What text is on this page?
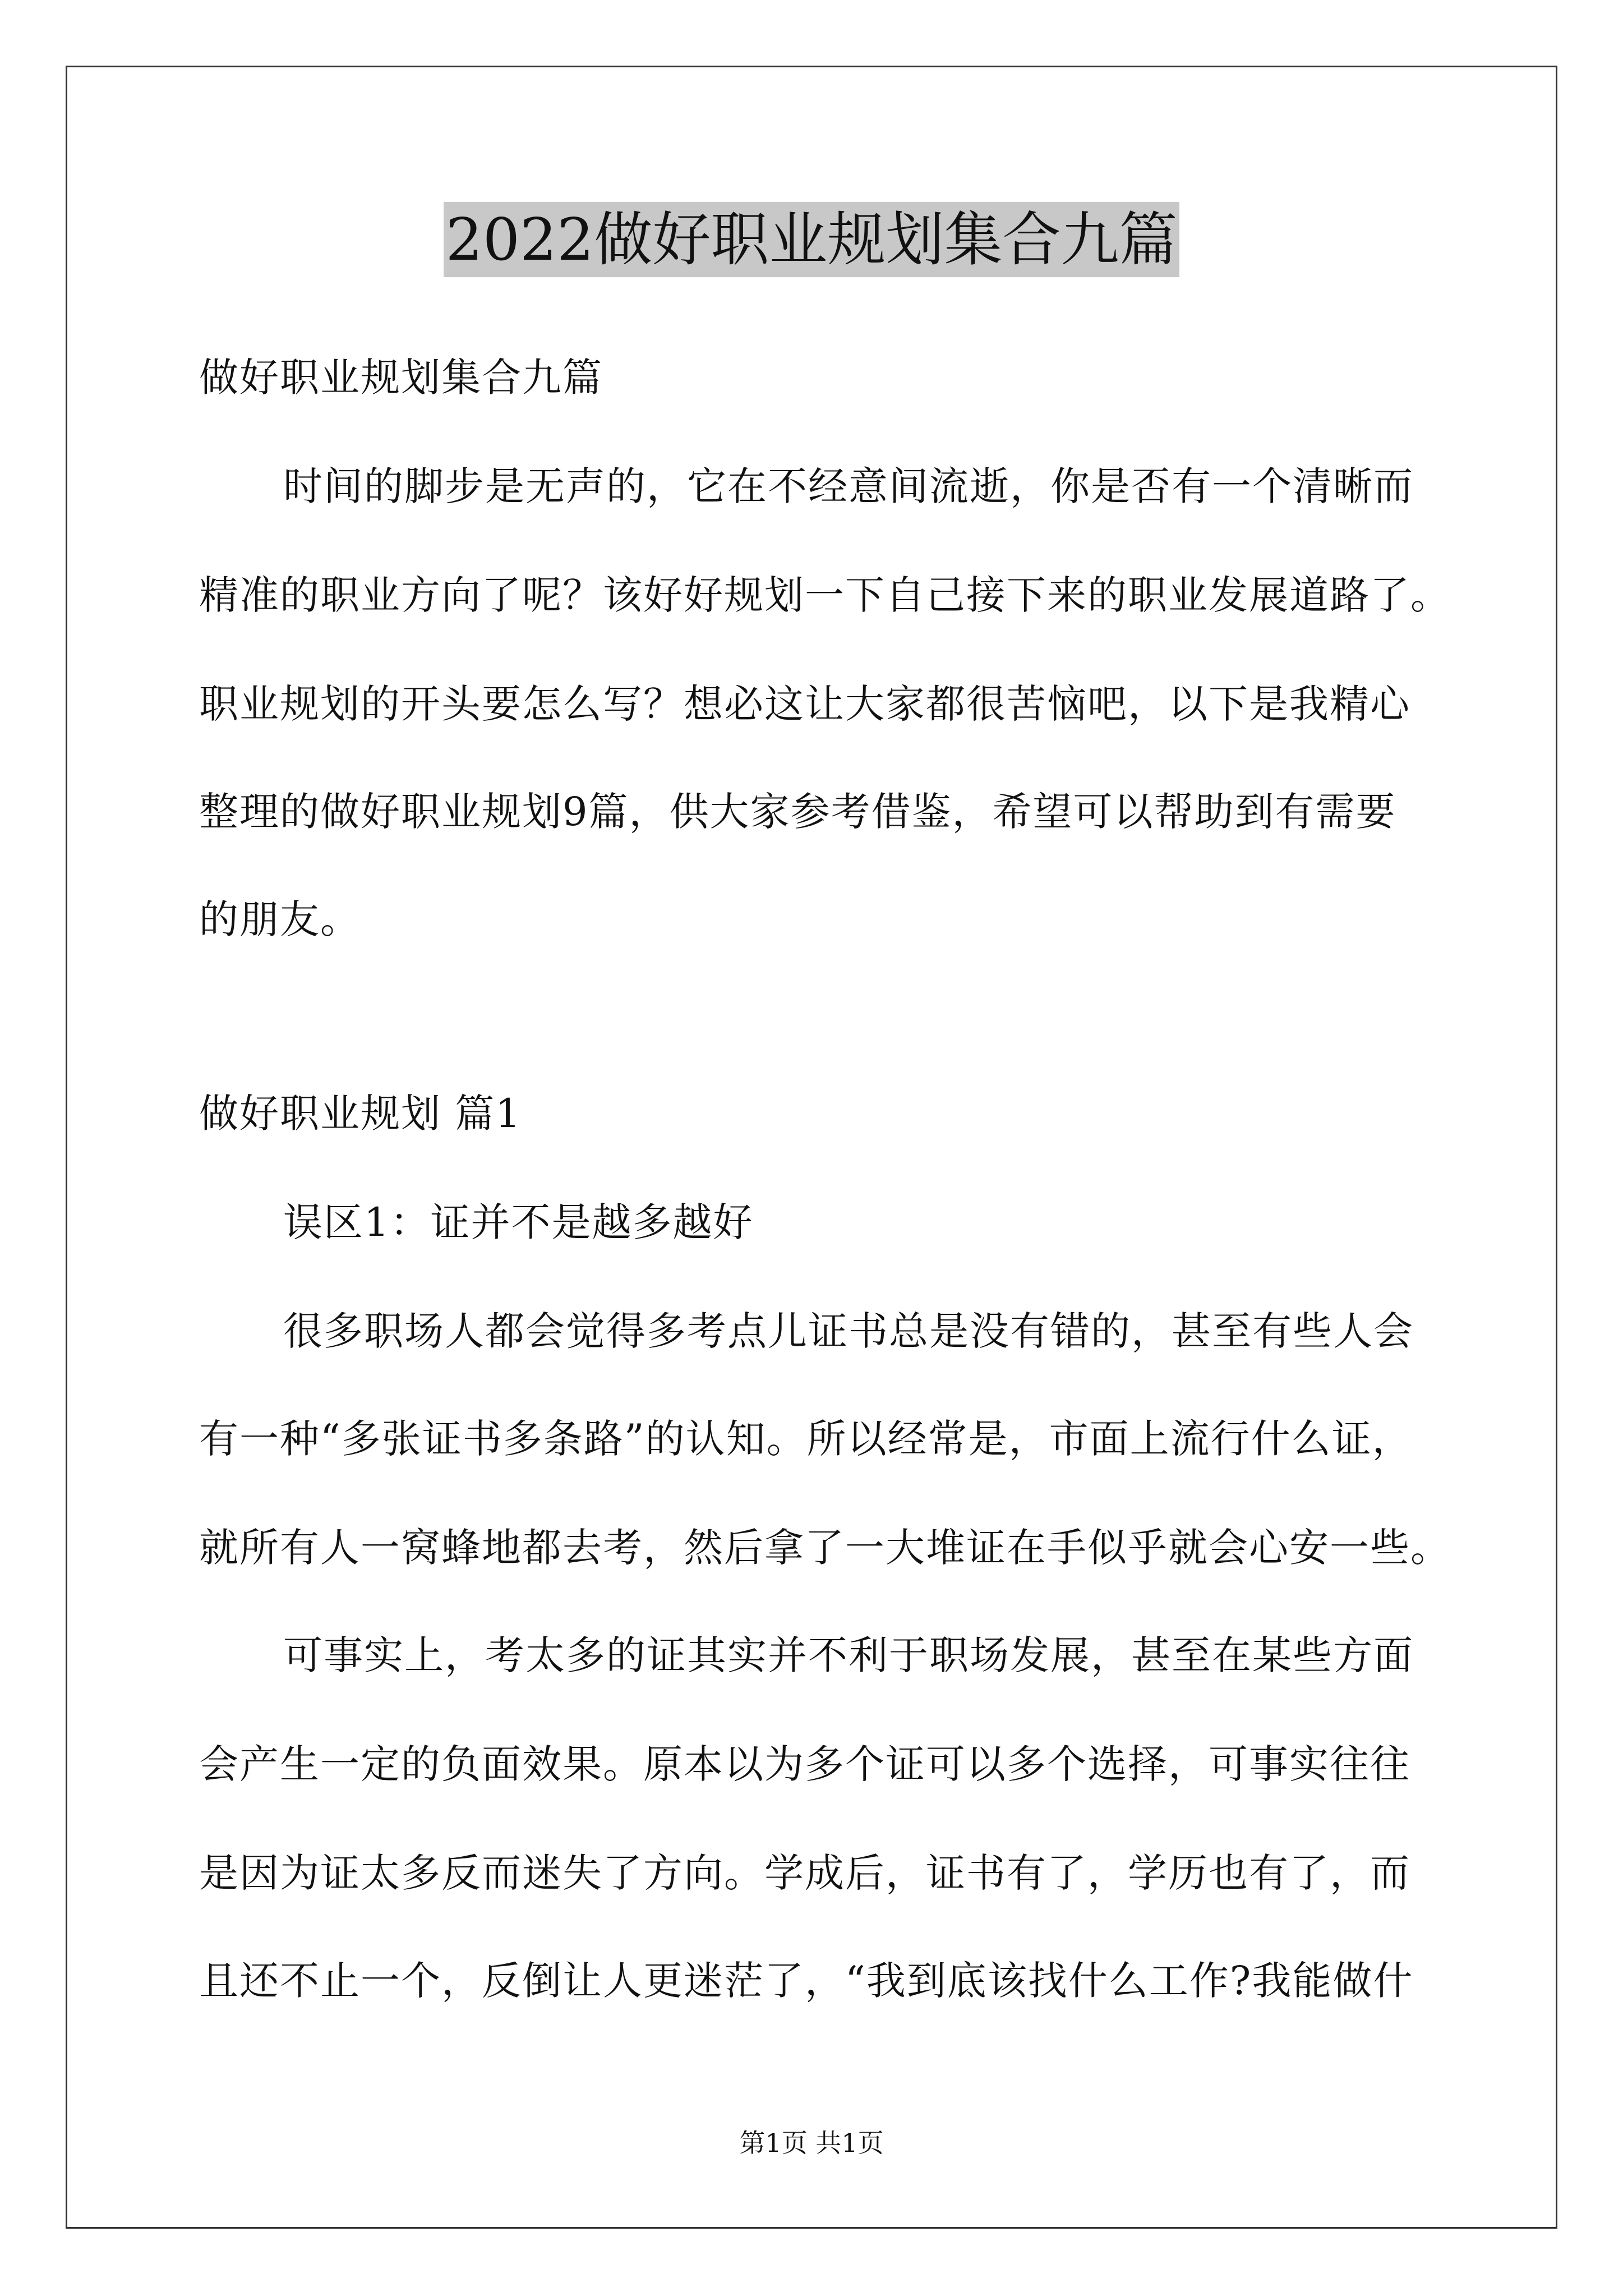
2022做好职业规划集合九篇
做好职业规划集合九篇
时间的脚步是无声的，它在不经意间流逝，你是否有一个清晰而
精准的职业方向了呢？该好好规划一下自己接下来的职业发展道路了。
职业规划的开头要怎么写？想必这让大家都很苦恼吧，以下是我精心
整理的做好职业规划9篇，供大家参考借鉴，希望可以帮助到有需要
的朋友。
做好职业规划 篇1
误区1：证并不是越多越好
很多职场人都会觉得多考点儿证书总是没有错的，甚至有些人会
有一种“多张证书多条路”的认知。所以经常是，市面上流行什么证，
就所有人一窝蜂地都去考，然后拿了一大堆证在手似乎就会心安一些。
可事实上，考太多的证其实并不利于职场发展，甚至在某些方面
会产生一定的负面效果。原本以为多个证可以多个选择，可事实往往
是因为证太多反而迷失了方向。学成后，证书有了，学历也有了，而
且还不止一个，反倒让人更迷茫了，“我到底该找什么工作?我能做什
第1页 共1页
